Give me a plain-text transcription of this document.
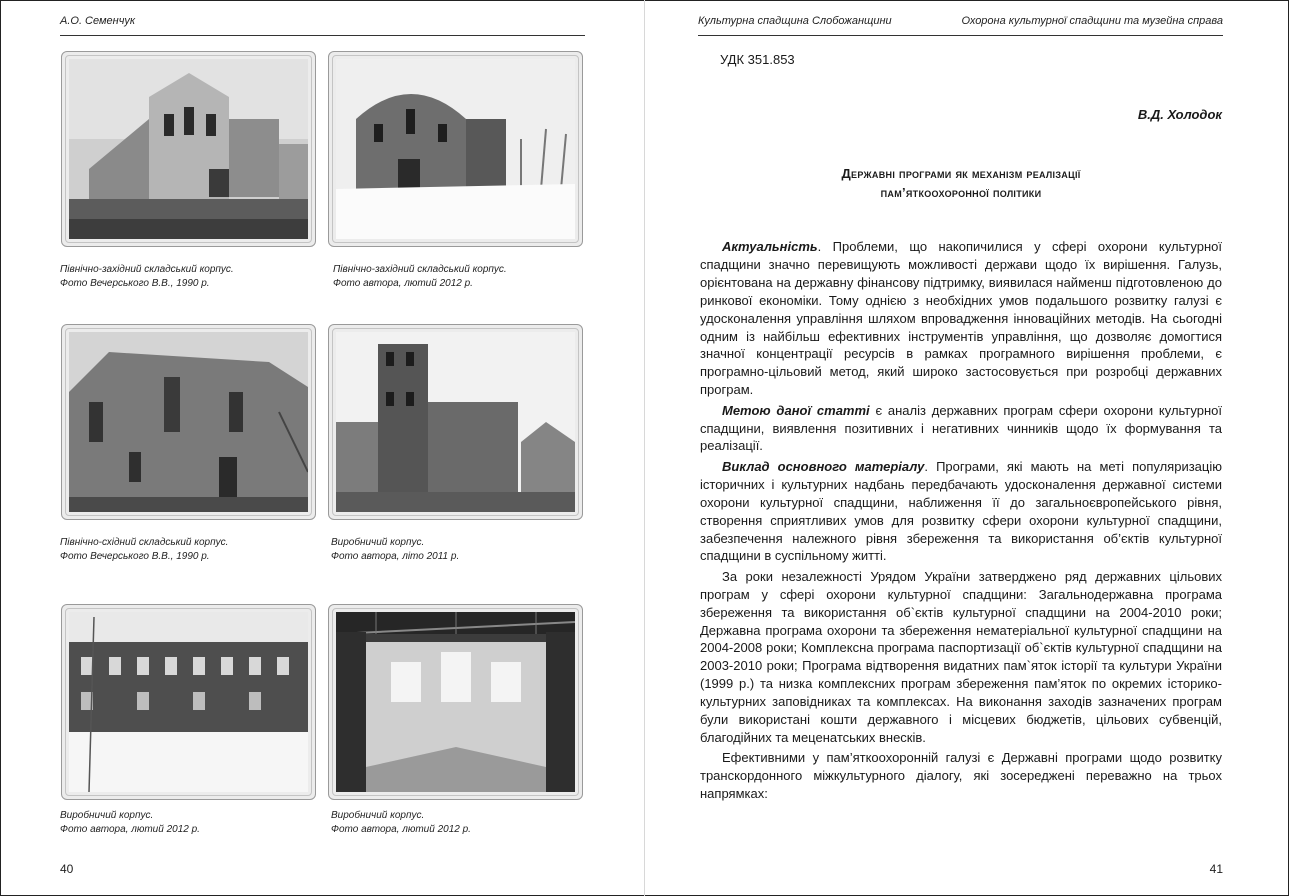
А.О. Семенчук
Північно-західний складський корпус.
Фото Вечерського В.В., 1990 р.
Північно-західний складський корпус.
Фото автора, лютий 2012 р.
Північно-східний складський корпус.
Фото Вечерського В.В., 1990 р.
Виробничий корпус.
Фото автора, літо 2011 р.
Виробничий корпус.
Фото автора, лютий 2012 р.
Виробничий корпус.
Фото автора, лютий 2012 р.
40
Культурна спадщина Слобожанщини	Охорона культурної спадщини та музейна справа
УДК 351.853
В.Д. Холодок
Державні програми як механізм реалізації
пам’яткоохоронної політики

Актуальність. Проблеми, що накопичилися у сфері охорони культурної спадщини значно перевищують можливості держави щодо їх вирішення. Галузь, орієнтована на державну фінансову підтримку, виявилася найменш підготовленою до ринкової економіки. Тому однією з необхідних умов подальшого розвитку галузі є удосконалення управління шляхом впровадження інноваційних методів. На сьогодні одним із найбільш ефективних інструментів управління, що дозволяє домогтися значної концентрації ресурсів в рамках програмного вирішення проблеми, є програмно-цільовий метод, який широко застосовується при розробці державних програм.

Метою даної статті є аналіз державних програм сфери охорони культурної спадщини, виявлення позитивних і негативних чинників щодо їх формування та реалізації.

Виклад основного матеріалу. Програми, які мають на меті популяризацію історичних і культурних надбань передбачають удосконалення державної системи охорони культурної спадщини, наближення її до загальноєвропейського рівня, створення сприятливих умов для розвитку сфери охорони культурної спадщини, забезпечення належного рівня збереження та використання об’єктів культурної спадщини в суспільному житті.

За роки незалежності Урядом України затверджено ряд державних цільових програм у сфері охорони культурної спадщини: Загальнодержавна програма збереження та використання об`єктів культурної спадщини на 2004-2010 роки; Державна програма охорони та збереження нематеріальної культурної спадщини на 2004-2008 роки; Комплексна програма паспортизації об`єктів культурної спадщини на 2003-2010 роки; Програма відтворення видатних пам`яток історії та культури України (1999 р.) та низка комплексних програм збереження пам’яток по окремих історико-культурних заповідниках та комплексах. На виконання заходів зазначених програм були використані кошти державного і місцевих бюджетів, цільових субвенцій, благодійних та меценатських внесків.

Ефективними у пам’яткоохоронній галузі є Державні програми щодо розвитку транскордонного міжкультурного діалогу, які зосереджені переважно на трьох напрямках:

41
